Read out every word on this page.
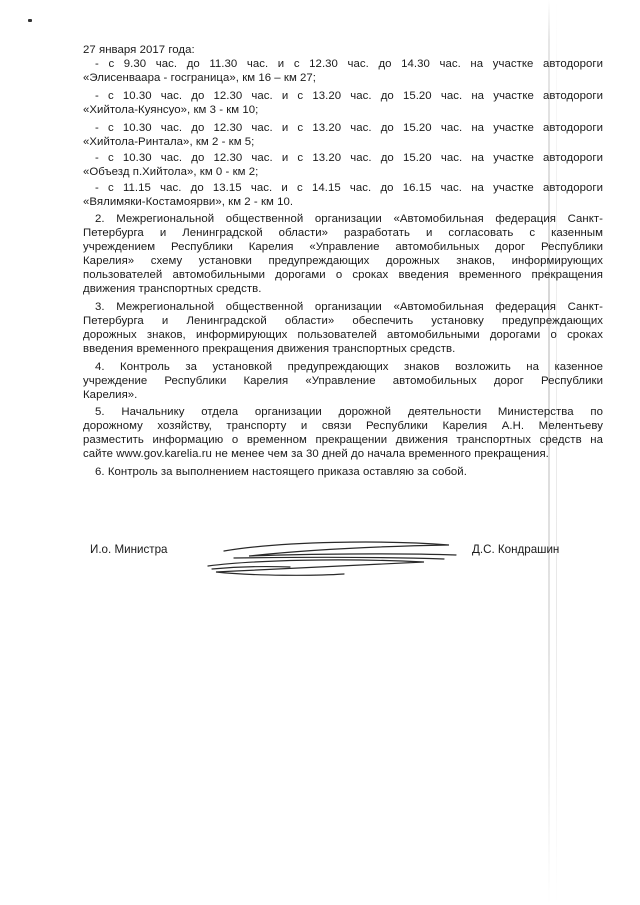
27 января 2017 года:
- с 9.30 час. до 11.30 час. и с 12.30 час. до 14.30 час. на участке автодороги
«Элисенваара - госграница», км 16 – км 27;
- с 10.30 час. до 12.30 час. и с 13.20 час. до 15.20 час. на участке автодороги
«Хийтола-Куянсуо», км 3 - км 10;
- с 10.30 час. до 12.30 час. и с 13.20 час. до 15.20 час. на участке автодороги
«Хийтола-Ринтала», км 2 - км 5;
- с 10.30 час. до 12.30 час. и с 13.20 час. до 15.20 час. на участке автодороги
«Объезд п.Хийтола», км 0 - км 2;
- с 11.15 час. до 13.15 час. и с 14.15 час. до 16.15 час. на участке автодороги
«Вялимяки-Костамоярви», км 2 - км 10.
2. Межрегиональной общественной организации «Автомобильная федерация Санкт-
Петербурга и Ленинградской области» разработать и согласовать с казенным
учреждением Республики Карелия «Управление автомобильных дорог Республики
Карелия» схему установки предупреждающих дорожных знаков, информирующих
пользователей автомобильными дорогами о сроках введения временного прекращения
движения транспортных средств.
3. Межрегиональной общественной организации «Автомобильная федерация Санкт-
Петербурга и Ленинградской области» обеспечить установку предупреждающих
дорожных знаков, информирующих пользователей автомобильными дорогами о сроках
введения временного прекращения движения транспортных средств.
4. Контроль за установкой предупреждающих знаков возложить на казенное
учреждение Республики Карелия «Управление автомобильных дорог Республики
Карелия».
5. Начальнику отдела организации дорожной деятельности Министерства по
дорожному хозяйству, транспорту и связи Республики Карелия А.Н. Мелентьеву
разместить информацию о временном прекращении движения транспортных средств на
сайте www.gov.karelia.ru не менее чем за 30 дней до начала временного прекращения.
6. Контроль за выполнением настоящего приказа оставляю за собой.
И.о. Министра	Д.С. Кондрашин
